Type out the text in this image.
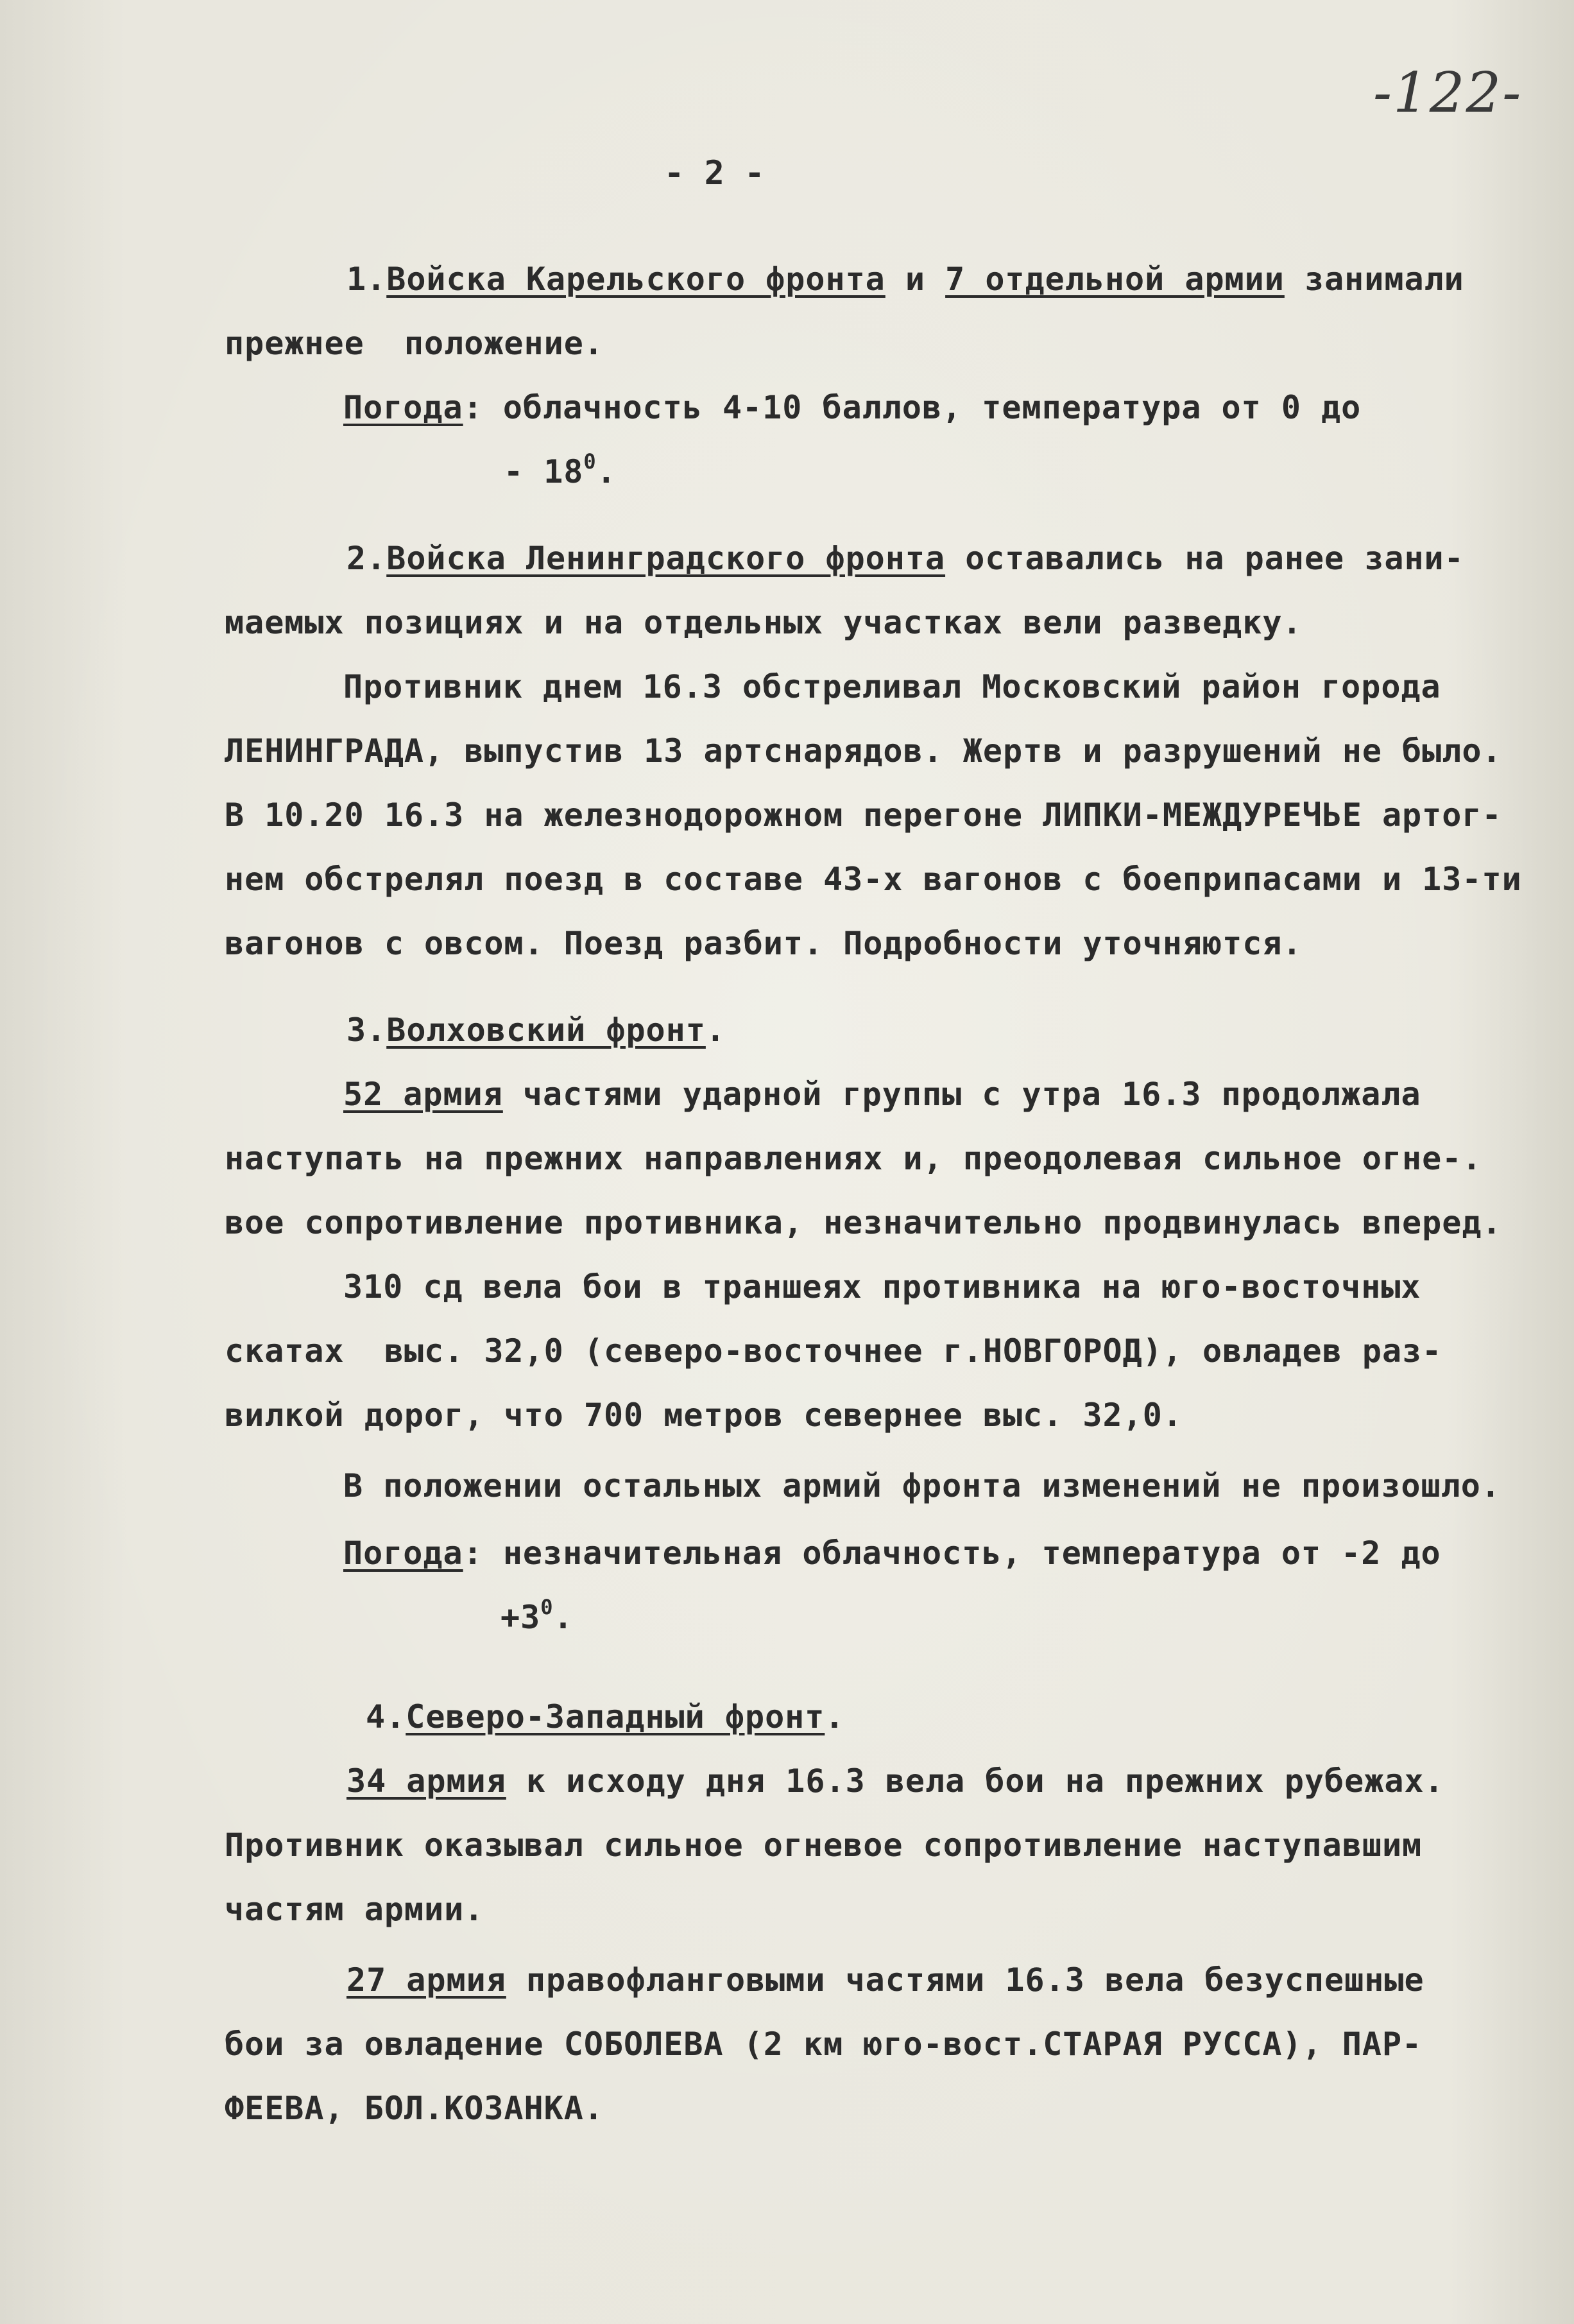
-122-
- 2 -
1.Войска Карельского фронта и 7 отдельной армии занимали
прежнее  положение.
Погода: облачность 4-10 баллов, температура от 0 до
- $18^0$.
2.Войска Ленинградского фронта оставались на ранее зани-
маемых позициях и на отдельных участках вели разведку.
Противник днем 16.3 обстреливал Московский район города
ЛЕНИНГРАДА, выпустив 13 артснарядов. Жертв и разрушений не было.
В 10.20 16.3 на железнодорожном перегоне ЛИПКИ-МЕЖДУРЕЧЬЕ артог-
нем обстрелял поезд в составе 43-х вагонов с боеприпасами и 13-ти
вагонов с овсом. Поезд разбит. Подробности уточняются.
3.Волховский фронт.
52 армия частями ударной группы с утра 16.3 продолжала
наступать на прежних направлениях и, преодолевая сильное огне-.
вое сопротивление противника, незначительно продвинулась вперед.
310 сд вела бои в траншеях противника на юго-восточных
скатах  выс. 32,0 (северо-восточнее г.НОВГОРОД), овладев раз-
вилкой дорог, что 700 метров севернее выс. 32,0.
В положении остальных армий фронта изменений не произошло.
Погода: незначительная облачность, температура от -2 до
$+3^0$.
4.Северо-Западный фронт.
34 армия к исходу дня 16.3 вела бои на прежних рубежах.
Противник оказывал сильное огневое сопротивление наступавшим
частям армии.
27 армия правофланговыми частями 16.3 вела безуспешные
бои за овладение СОБОЛЕВА (2 км юго-вост.СТАРАЯ РУССА), ПАР-
ФЕЕВА, БОЛ.КОЗАНКА.
